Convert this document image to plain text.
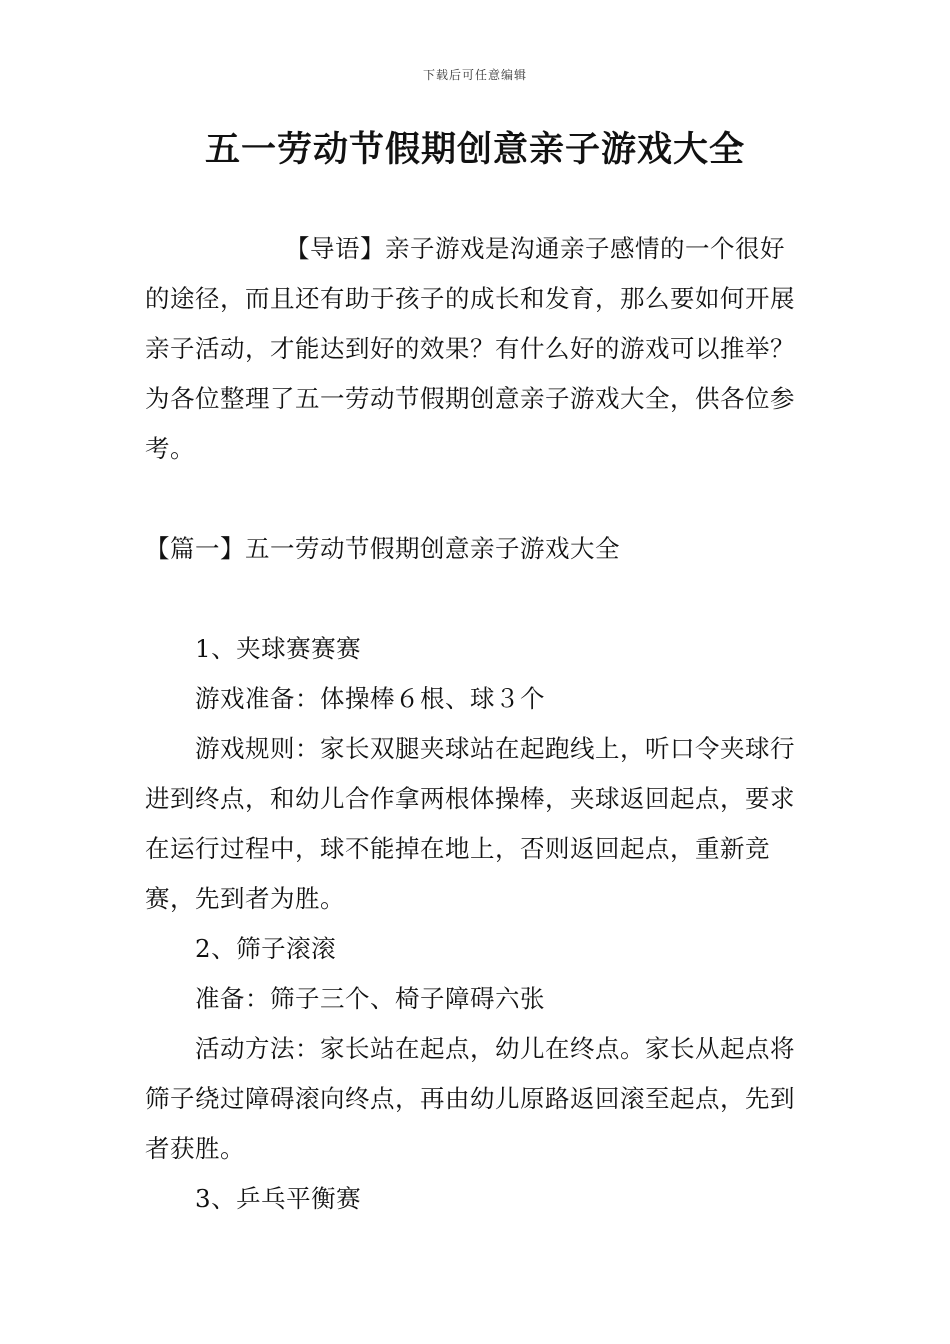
下载后可任意编辑
五一劳动节假期创意亲子游戏大全

【导语】亲子游戏是沟通亲子感情的一个很好的途径，而且还有助于孩子的成长和发育，那么要如何开展亲子活动，才能达到好的效果？有什么好的游戏可以推举？为各位整理了五一劳动节假期创意亲子游戏大全，供各位参考。

【篇一】五一劳动节假期创意亲子游戏大全

1、夹球赛赛赛

游戏准备：体操棒６根、球３个

游戏规则：家长双腿夹球站在起跑线上，听口令夹球行进到终点，和幼儿合作拿两根体操棒，夹球返回起点，要求在运行过程中，球不能掉在地上，否则返回起点，重新竞赛，先到者为胜。

2、筛子滚滚

准备：筛子三个、椅子障碍六张

活动方法：家长站在起点，幼儿在终点。家长从起点将筛子绕过障碍滚向终点，再由幼儿原路返回滚至起点，先到者获胜。

3、乒乓平衡赛
